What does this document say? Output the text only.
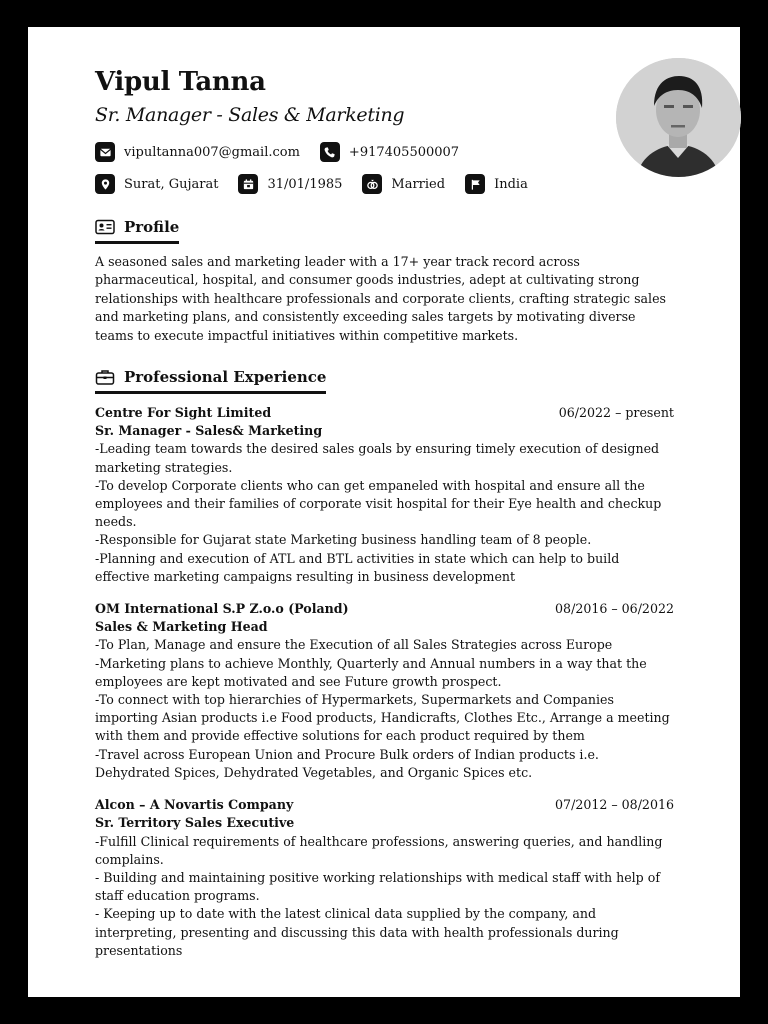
Vipul Tanna
Sr. Manager - Sales & Marketing
vipultanna007@gmail.com	+917405500007
Surat, Gujarat	31/01/1985	Married	India
Profile
A seasoned sales and marketing leader with a 17+ year track record across pharmaceutical, hospital, and consumer goods industries, adept at cultivating strong relationships with healthcare professionals and corporate clients, crafting strategic sales and marketing plans, and consistently exceeding sales targets by motivating diverse teams to execute impactful initiatives within competitive markets.
Professional Experience
Centre For Sight Limited	06/2022 – present
Sr. Manager - Sales& Marketing
-Leading team towards the desired sales goals by ensuring timely execution of designed marketing strategies.
-To develop Corporate clients who can get empaneled with hospital and ensure all the employees and their families of corporate visit hospital for their Eye health and checkup needs.
-Responsible for Gujarat state Marketing business handling team of 8 people.
-Planning and execution of ATL and BTL activities in state which can help to build effective marketing campaigns resulting in business development
OM International S.P Z.o.o (Poland)	08/2016 – 06/2022
Sales & Marketing Head
-To Plan, Manage and ensure the Execution of all Sales Strategies across Europe
-Marketing plans to achieve Monthly, Quarterly and Annual numbers in a way that the employees are kept motivated and see Future growth prospect.
-To connect with top hierarchies of Hypermarkets, Supermarkets and Companies importing Asian products i.e Food products, Handicrafts, Clothes Etc., Arrange a meeting with them and provide effective solutions for each product required by them
-Travel across European Union and Procure Bulk orders of Indian products i.e. Dehydrated Spices, Dehydrated Vegetables, and Organic Spices etc.
Alcon – A Novartis Company	07/2012 – 08/2016
Sr. Territory Sales Executive
-Fulfill Clinical requirements of healthcare professions, answering queries, and handling complains.
- Building and maintaining positive working relationships with medical staff with help of staff education programs.
- Keeping up to date with the latest clinical data supplied by the company, and interpreting, presenting and discussing this data with health professionals during presentations
